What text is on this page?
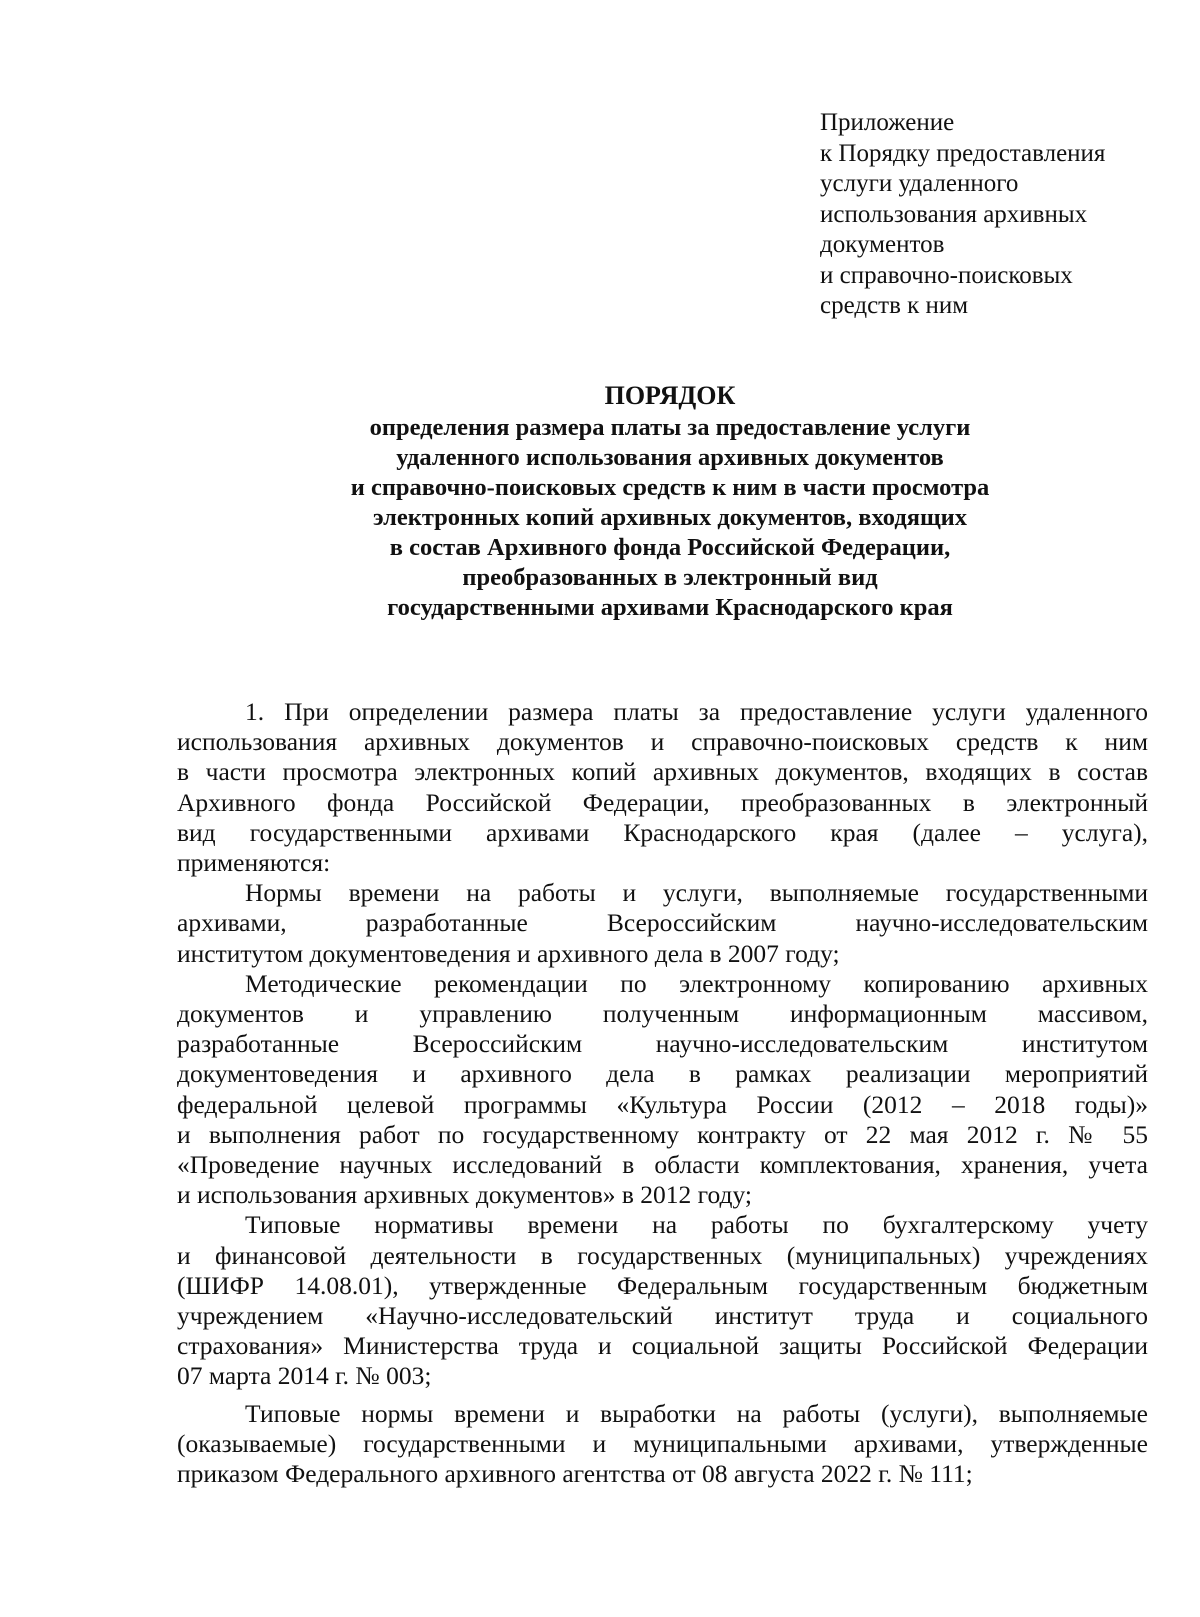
Приложение
к Порядку предоставления
услуги удаленного
использования архивных
документов
и справочно-поисковых
средств к ним
ПОРЯДОК
определения размера платы за предоставление услуги
удаленного использования архивных документов
и справочно-поисковых средств к ним в части просмотра
электронных копий архивных документов, входящих
в состав Архивного фонда Российской Федерации,
преобразованных в электронный вид
государственными архивами Краснодарского края
1. При определении размера платы за предоставление услуги удаленного
использования архивных документов и справочно-поисковых средств к ним
в части просмотра электронных копий архивных документов, входящих в состав
Архивного фонда Российской Федерации, преобразованных в электронный
вид государственными архивами Краснодарского края (далее – услуга),
применяются:
Нормы времени на работы и услуги, выполняемые государственными
архивами, разработанные Всероссийским научно-исследовательским
институтом документоведения и архивного дела в 2007 году;
Методические рекомендации по электронному копированию архивных
документов и управлению полученным информационным массивом,
разработанные Всероссийским научно-исследовательским институтом
документоведения и архивного дела в рамках реализации мероприятий
федеральной целевой программы «Культура России (2012 – 2018 годы)»
и выполнения работ по государственному контракту от 22 мая 2012 г. № 55
«Проведение научных исследований в области комплектования, хранения, учета
и использования архивных документов» в 2012 году;
Типовые нормативы времени на работы по бухгалтерскому учету
и финансовой деятельности в государственных (муниципальных) учреждениях
(ШИФР 14.08.01), утвержденные Федеральным государственным бюджетным
учреждением «Научно-исследовательский институт труда и социального
страхования» Министерства труда и социальной защиты Российской Федерации
07 марта 2014 г. № 003;
Типовые нормы времени и выработки на работы (услуги), выполняемые
(оказываемые) государственными и муниципальными архивами, утвержденные
приказом Федерального архивного агентства от 08 августа 2022 г. № 111;
